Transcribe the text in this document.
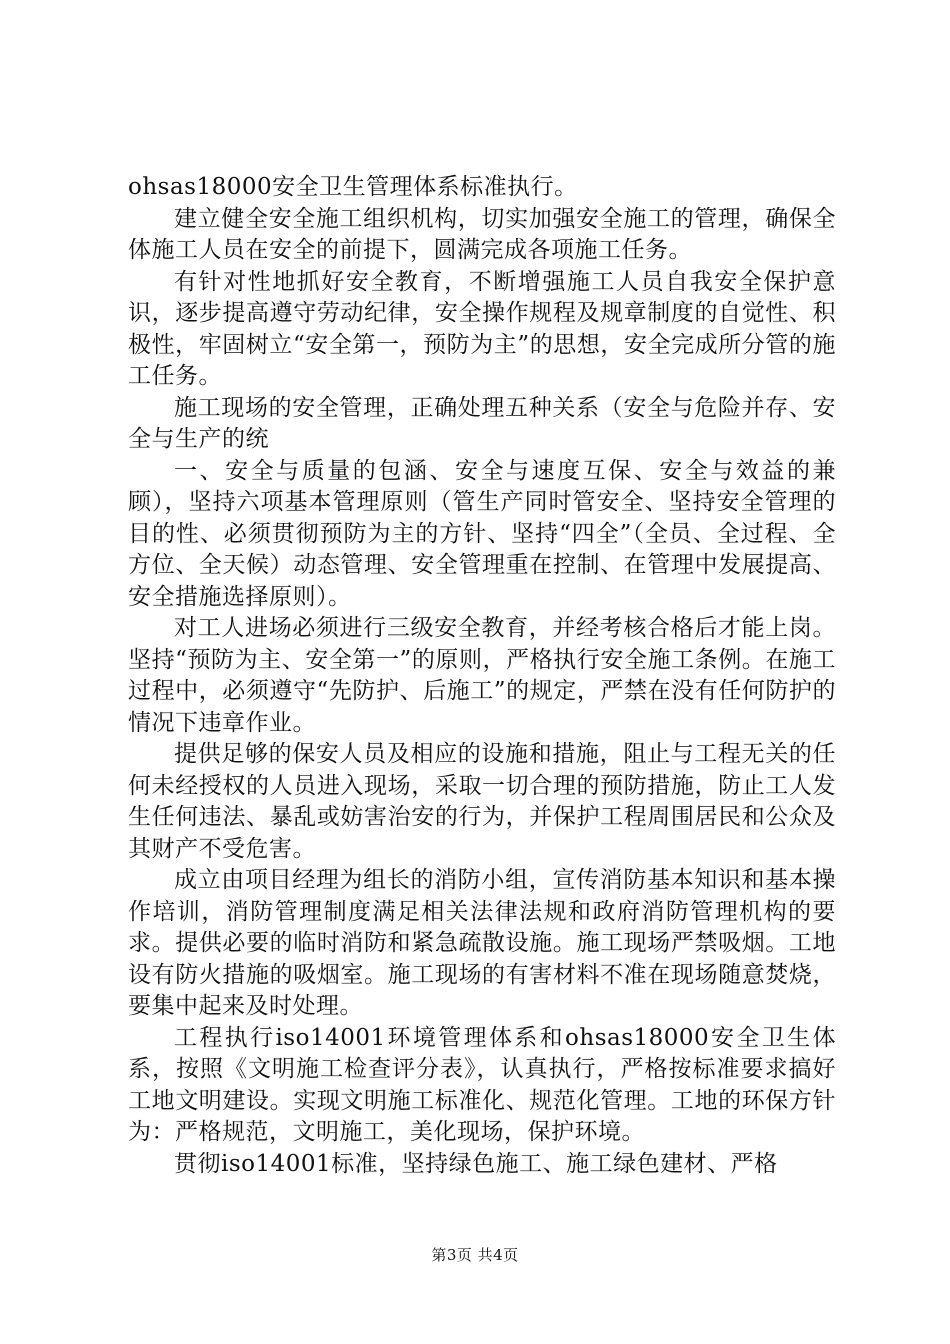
ohsas18000安全卫生管理体系标准执行。

建立健全安全施工组织机构，切实加强安全施工的管理，确保全体施工人员在安全的前提下，圆满完成各项施工任务。

有针对性地抓好安全教育，不断增强施工人员自我安全保护意识，逐步提高遵守劳动纪律，安全操作规程及规章制度的自觉性、积极性，牢固树立“安全第一，预防为主”的思想，安全完成所分管的施工任务。

施工现场的安全管理，正确处理五种关系（安全与危险并存、安全与生产的统

一、安全与质量的包涵、安全与速度互保、安全与效益的兼顾），坚持六项基本管理原则（管生产同时管安全、坚持安全管理的目的性、必须贯彻预防为主的方针、坚持“四全”（全员、全过程、全方位、全天候）动态管理、安全管理重在控制、在管理中发展提高、安全措施选择原则）。

对工人进场必须进行三级安全教育，并经考核合格后才能上岗。坚持“预防为主、安全第一”的原则，严格执行安全施工条例。在施工过程中，必须遵守“先防护、后施工”的规定，严禁在没有任何防护的情况下违章作业。

提供足够的保安人员及相应的设施和措施，阻止与工程无关的任何未经授权的人员进入现场，采取一切合理的预防措施，防止工人发生任何违法、暴乱或妨害治安的行为，并保护工程周围居民和公众及其财产不受危害。

成立由项目经理为组长的消防小组，宣传消防基本知识和基本操作培训，消防管理制度满足相关法律法规和政府消防管理机构的要求。提供必要的临时消防和紧急疏散设施。施工现场严禁吸烟。工地设有防火措施的吸烟室。施工现场的有害材料不准在现场随意焚烧，要集中起来及时处理。

工程执行iso14001环境管理体系和ohsas18000安全卫生体系，按照《文明施工检查评分表》，认真执行，严格按标准要求搞好工地文明建设。实现文明施工标准化、规范化管理。工地的环保方针为：严格规范，文明施工，美化现场，保护环境。

贯彻iso14001标准，坚持绿色施工、施工绿色建材、严格

第3页 共4页
